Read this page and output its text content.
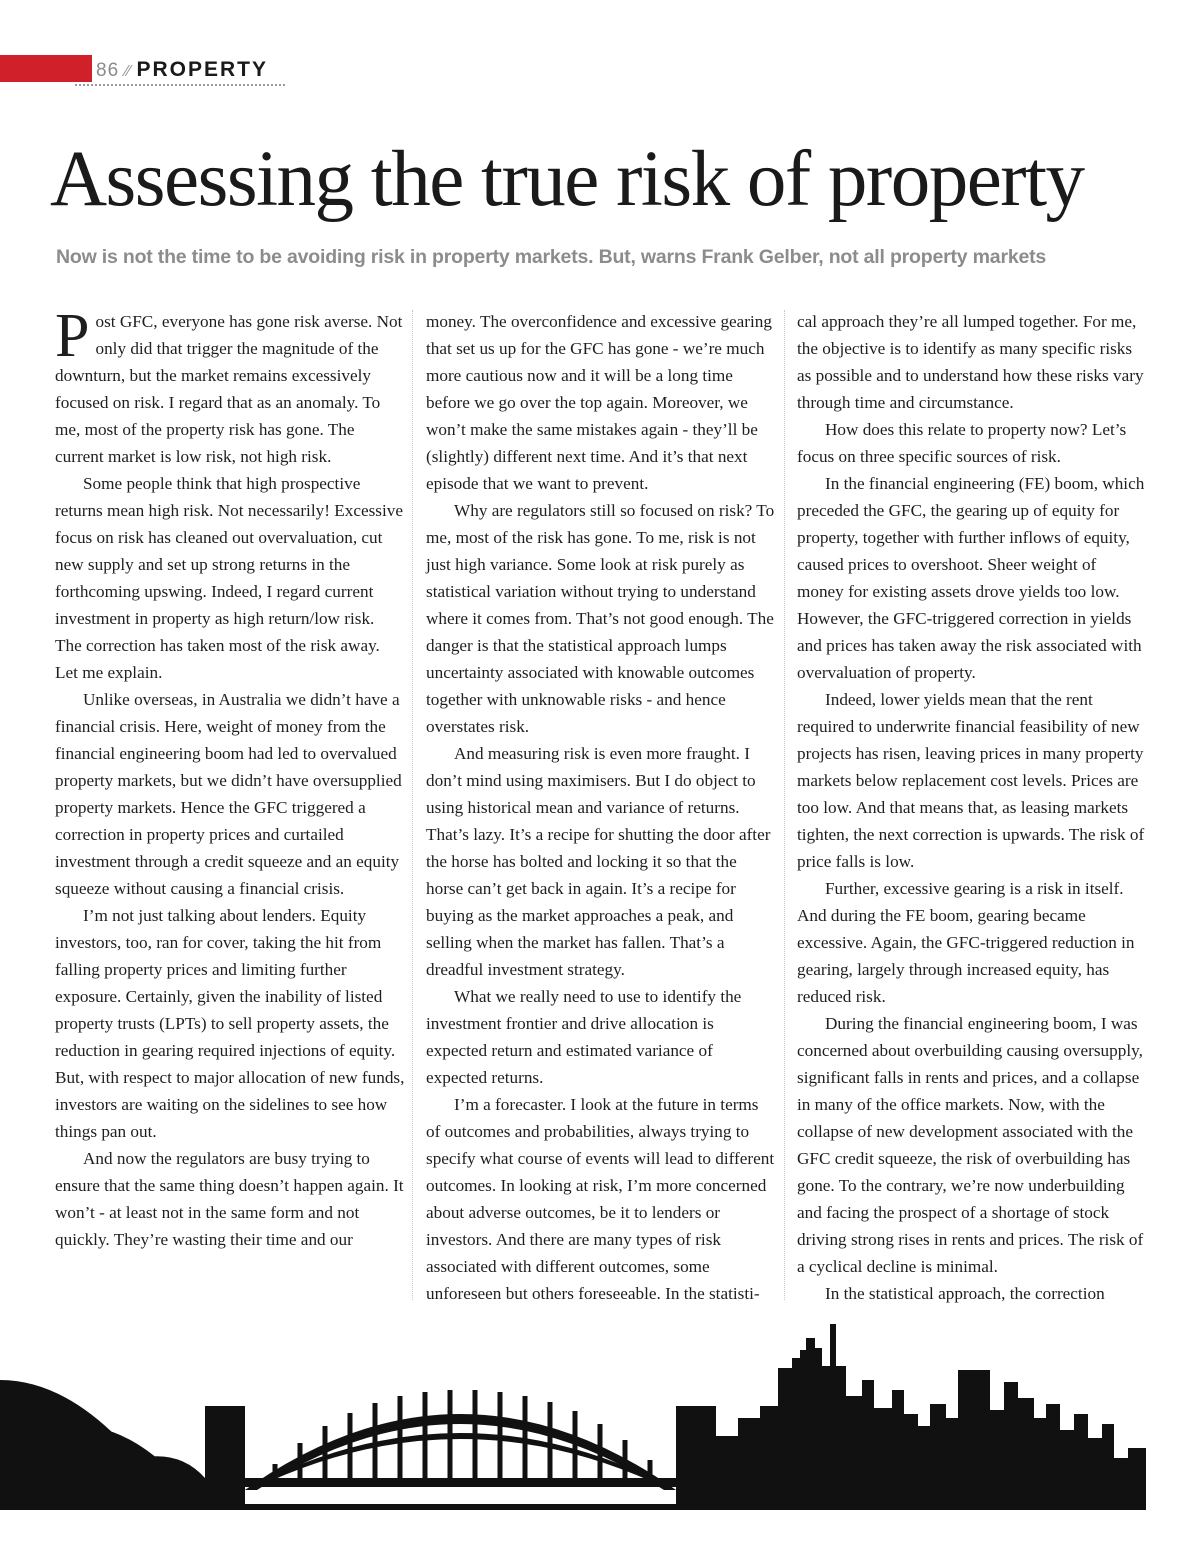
86 ∕∕ PROPERTY
Assessing the true risk of property
Now is not the time to be avoiding risk in property markets. But, warns Frank Gelber, not all property markets

Post GFC, everyone has gone risk averse. Not only did that trigger the magnitude of the downturn, but the market remains excessively focused on risk. I regard that as an anomaly. To me, most of the property risk has gone. The current market is low risk, not high risk.

Some people think that high prospective returns mean high risk. Not necessarily! Excessive focus on risk has cleaned out overvaluation, cut new supply and set up strong returns in the forthcoming upswing. Indeed, I regard current investment in property as high return/low risk. The correction has taken most of the risk away. Let me explain.

Unlike overseas, in Australia we didn’t have a financial crisis. Here, weight of money from the financial engineering boom had led to overvalued property markets, but we didn’t have oversupplied property markets. Hence the GFC triggered a correction in property prices and curtailed investment through a credit squeeze and an equity squeeze without causing a financial crisis.

I’m not just talking about lenders. Equity investors, too, ran for cover, taking the hit from falling property prices and limiting further exposure. Certainly, given the inability of listed property trusts (LPTs) to sell property assets, the reduction in gearing required injections of equity. But, with respect to major allocation of new funds, investors are waiting on the sidelines to see how things pan out.

And now the regulators are busy trying to ensure that the same thing doesn’t happen again. It won’t - at least not in the same form and not quickly. They’re wasting their time and our

money. The overconfidence and excessive gearing that set us up for the GFC has gone - we’re much more cautious now and it will be a long time before we go over the top again. Moreover, we won’t make the same mistakes again - they’ll be (slightly) different next time. And it’s that next episode that we want to prevent.

Why are regulators still so focused on risk? To me, most of the risk has gone. To me, risk is not just high variance. Some look at risk purely as statistical variation without trying to understand where it comes from. That’s not good enough. The danger is that the statistical approach lumps uncertainty associated with knowable outcomes together with unknowable risks - and hence overstates risk.

And measuring risk is even more fraught. I don’t mind using maximisers. But I do object to using historical mean and variance of returns. That’s lazy. It’s a recipe for shutting the door after the horse has bolted and locking it so that the horse can’t get back in again. It’s a recipe for buying as the market approaches a peak, and selling when the market has fallen. That’s a dreadful investment strategy.

What we really need to use to identify the investment frontier and drive allocation is expected return and estimated variance of expected returns.

I’m a forecaster. I look at the future in terms of outcomes and probabilities, always trying to specify what course of events will lead to different outcomes. In looking at risk, I’m more concerned about adverse outcomes, be it to lenders or investors. And there are many types of risk associated with different outcomes, some unforeseen but others foreseeable. In the statisti-

cal approach they’re all lumped together. For me, the objective is to identify as many specific risks as possible and to understand how these risks vary through time and circumstance.

How does this relate to property now? Let’s focus on three specific sources of risk.

In the financial engineering (FE) boom, which preceded the GFC, the gearing up of equity for property, together with further inflows of equity, caused prices to overshoot. Sheer weight of money for existing assets drove yields too low. However, the GFC-triggered correction in yields and prices has taken away the risk associated with overvaluation of property.

Indeed, lower yields mean that the rent required to underwrite financial feasibility of new projects has risen, leaving prices in many property markets below replacement cost levels. Prices are too low. And that means that, as leasing markets tighten, the next correction is upwards. The risk of price falls is low.

Further, excessive gearing is a risk in itself. And during the FE boom, gearing became excessive. Again, the GFC-triggered reduction in gearing, largely through increased equity, has reduced risk.

During the financial engineering boom, I was concerned about overbuilding causing oversupply, significant falls in rents and prices, and a collapse in many of the office markets. Now, with the collapse of new development associated with the GFC credit squeeze, the risk of overbuilding has gone. To the contrary, we’re now underbuilding and facing the prospect of a shortage of stock driving strong rises in rents and prices. The risk of a cyclical decline is minimal.

In the statistical approach, the correction
